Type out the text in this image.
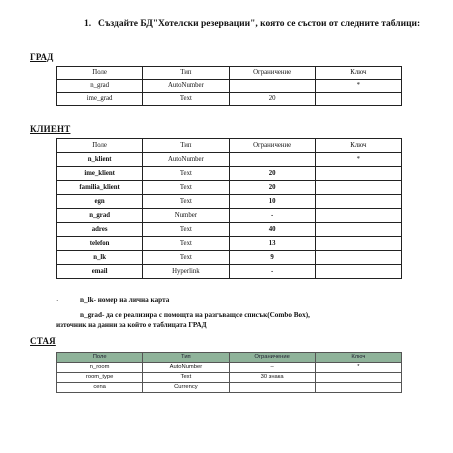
1. Създайте БД"Хотелски резервации", която се състои от следните таблици:
ГРАД
Поле	Тип	Ограничение	Ключ
n_grad	AutoNumber		*
ime_grad	Text	20	
КЛИЕНТ
Поле	Тип	Ограничение	Ключ
n_klient	AutoNumber		*
ime_klient	Text	20	
familia_klient	Text	20	
egn	Text	10	
n_grad	Number	-	
adres	Text	40	
telefon	Text	13	
n_lk	Text	9	
email	Hyperlink	-	
·	n_lk- номер на лична карта
n_grad- да се реализира с помощта на разгъващсе списък(Combo Box),
източник на данни за който е таблицата ГРАД
СТАЯ
Поле	Тип	Ограничение	Ключ
n_room	AutoNumber	–	*
room_type	Text	30 знака	
cena	Currency		
